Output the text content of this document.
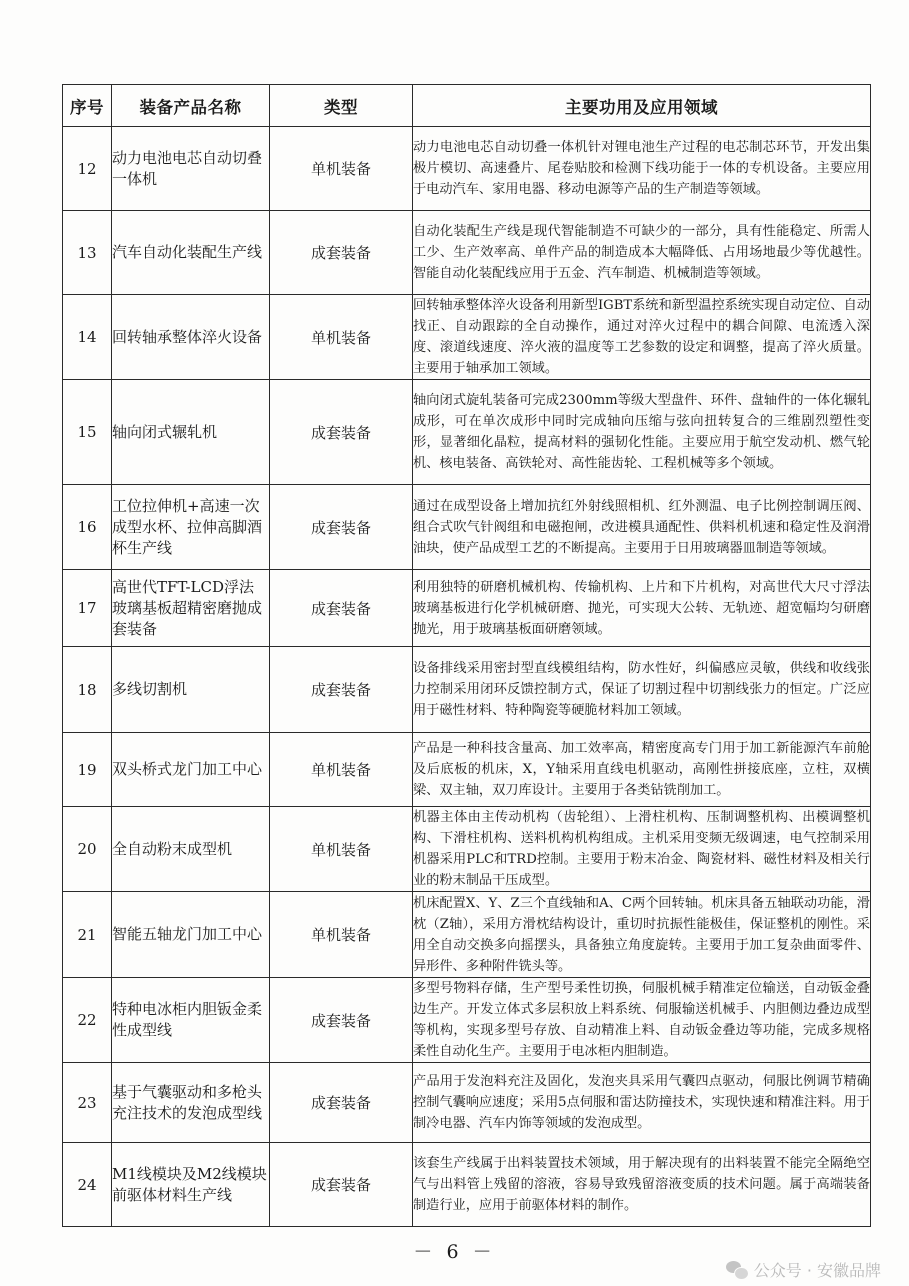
序号	装备产品名称	类型	主要功用及应用领域
12	动力电池电芯自动切叠一体机	单机装备	动力电池电芯自动切叠一体机针对锂电池生产过程的电芯制芯环节，开发出集极片模切、高速叠片、尾卷贴胶和检测下线功能于一体的专机设备。主要应用于电动汽车、家用电器、移动电源等产品的生产制造等领域。
13	汽车自动化装配生产线	成套装备	自动化装配生产线是现代智能制造不可缺少的一部分，具有性能稳定、所需人工少、生产效率高、单件产品的制造成本大幅降低、占用场地最少等优越性。智能自动化装配线应用于五金、汽车制造、机械制造等领域。
14	回转轴承整体淬火设备	单机装备	回转轴承整体淬火设备利用新型IGBT系统和新型温控系统实现自动定位、自动找正、自动跟踪的全自动操作，通过对淬火过程中的耦合间隙、电流透入深度、滚道线速度、淬火液的温度等工艺参数的设定和调整，提高了淬火质量。主要用于轴承加工领域。
15	轴向闭式辗轧机	成套装备	轴向闭式旋轧装备可完成2300mm等级大型盘件、环件、盘轴件的一体化辗轧成形，可在单次成形中同时完成轴向压缩与弦向扭转复合的三维剧烈塑性变形，显著细化晶粒，提高材料的强韧化性能。主要应用于航空发动机、燃气轮机、核电装备、高铁轮对、高性能齿轮、工程机械等多个领域。
16	工位拉伸机+高速一次成型水杯、拉伸高脚酒杯生产线	成套装备	通过在成型设备上增加抗红外射线照相机、红外测温、电子比例控制调压阀、组合式吹气针阀组和电磁抱闸，改进模具通配性、供料机机速和稳定性及润滑油块，使产品成型工艺的不断提高。主要用于日用玻璃器皿制造等领域。
17	高世代TFT-LCD浮法玻璃基板超精密磨抛成套装备	成套装备	利用独特的研磨机械机构、传输机构、上片和下片机构，对高世代大尺寸浮法玻璃基板进行化学机械研磨、抛光，可实现大公转、无轨迹、超宽幅均匀研磨抛光，用于玻璃基板面研磨领域。
18	多线切割机	成套装备	设备排线采用密封型直线模组结构，防水性好，纠偏感应灵敏，供线和收线张力控制采用闭环反馈控制方式，保证了切割过程中切割线张力的恒定。广泛应用于磁性材料、特种陶瓷等硬脆材料加工领域。
19	双头桥式龙门加工中心	单机装备	产品是一种科技含量高、加工效率高，精密度高专门用于加工新能源汽车前舱及后底板的机床，X，Y轴采用直线电机驱动，高刚性拼接底座，立柱，双横梁、双主轴，双刀库设计。主要用于各类钻铣削加工。
20	全自动粉末成型机	单机装备	机器主体由主传动机构（齿轮组）、上滑柱机构、压制调整机构、出模调整机构、下滑柱机构、送料机构机构组成。主机采用变频无级调速，电气控制采用机器采用PLC和TRD控制。主要用于粉末冶金、陶瓷材料、磁性材料及相关行业的粉末制品干压成型。
21	智能五轴龙门加工中心	单机装备	机床配置X、Y、Z三个直线轴和A、C两个回转轴。机床具备五轴联动功能，滑枕（Z轴），采用方滑枕结构设计，重切时抗振性能极佳，保证整机的刚性。采用全自动交换多向摇摆头，具备独立角度旋转。主要用于加工复杂曲面零件、异形件、多种附件铣头等。
22	特种电冰柜内胆钣金柔性成型线	成套装备	多型号物料存储，生产型号柔性切换，伺服机械手精准定位输送，自动钣金叠边生产。开发立体式多层积放上料系统、伺服输送机械手、内胆侧边叠边成型等机构，实现多型号存放、自动精准上料、自动钣金叠边等功能，完成多规格柔性自动化生产。主要用于电冰柜内胆制造。
23	基于气囊驱动和多枪头充注技术的发泡成型线	成套装备	产品用于发泡料充注及固化，发泡夹具采用气囊四点驱动，伺服比例调节精确控制气囊响应速度；采用5点伺服和雷达防撞技术，实现快速和精准注料。用于制冷电器、汽车内饰等领域的发泡成型。
24	M1线模块及M2线模块前驱体材料生产线	成套装备	该套生产线属于出料装置技术领域，用于解决现有的出料装置不能完全隔绝空气与出料管上残留的溶液，容易导致残留溶液变质的技术问题。属于高端装备制造行业，应用于前驱体材料的制作。
－ 6 －
公众号 · 安徽品牌
